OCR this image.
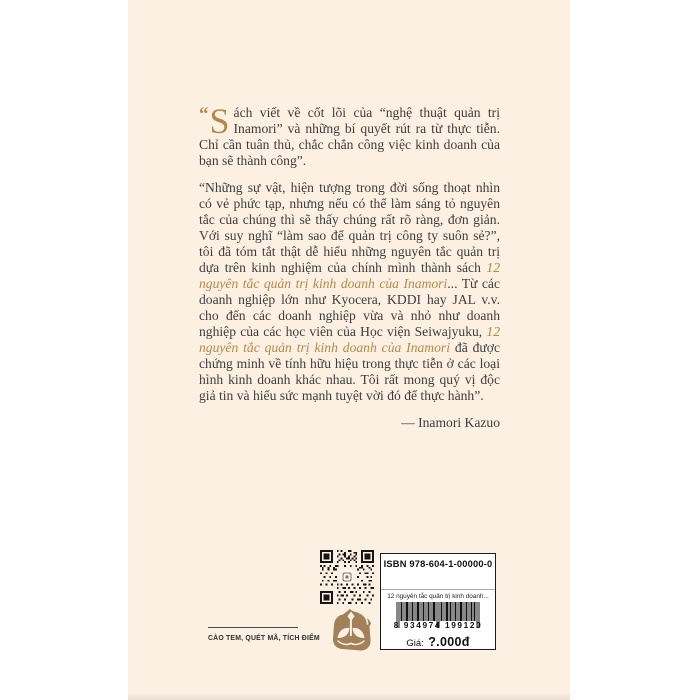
“ S ách viết về cốt lõi của “nghệ thuật quản trị Inamori” và những bí quyết rút ra từ thực tiễn. Chỉ cần tuân thủ, chắc chắn công việc kinh doanh của bạn sẽ thành công”.

“Những sự vật, hiện tượng trong đời sống thoạt nhìn có vẻ phức tạp, nhưng nếu có thể làm sáng tỏ nguyên tắc của chúng thì sẽ thấy chúng rất rõ ràng, đơn giản. Với suy nghĩ “làm sao để quản trị công ty suôn sẻ?”, tôi đã tóm tắt thật dễ hiểu những nguyên tắc quản trị dựa trên kinh nghiệm của chính mình thành sách 12 nguyên tắc quản trị kinh doanh của Inamori... Từ các doanh nghiệp lớn như Kyocera, KDDI hay JAL v.v. cho đến các doanh nghiệp vừa và nhỏ như doanh nghiệp của các học viên của Học viện Seiwajyuku, 12 nguyên tắc quản trị kinh doanh của Inamori đã được chứng minh về tính hữu hiệu trong thực tiễn ở các loại hình kinh doanh khác nhau. Tôi rất mong quý vị độc giả tin và hiểu sức mạnh tuyệt vời đó để thực hành”.

— Inamori Kazuo

CÀO TEM, QUÉT MÃ, TÍCH ĐIỂM
ISBN 978-604-1-00000-0
12 nguyên tắc quản trị kinh doanh...
8 934974 199120
Giá: ?.000đ
